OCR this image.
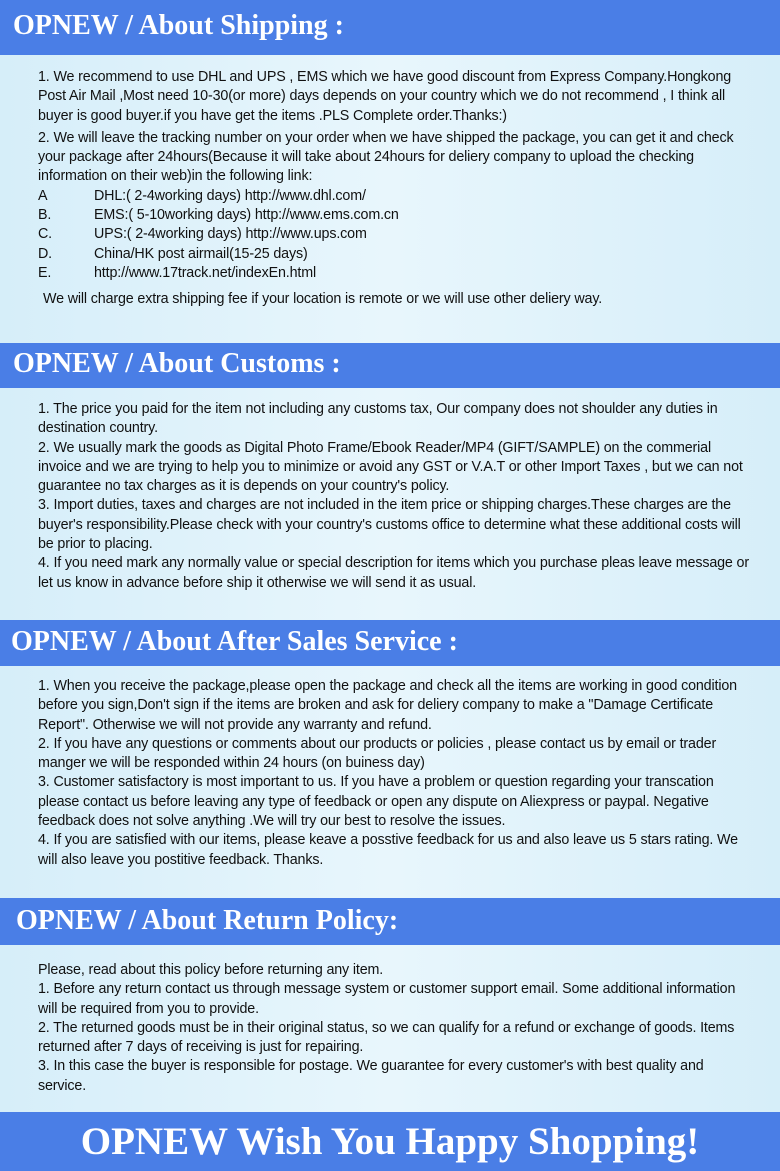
OPNEW / About Shipping :

1. We recommend to use DHL and UPS , EMS which we have good discount from Express Company.Hongkong Post Air Mail ,Most need 10-30(or more) days depends on your country which we do not recommend , I think all buyer is good buyer.if you have get the items .PLS Complete order.Thanks:)

2. We will leave the tracking number on your order when we have shipped the package, you can get it and check your package after 24hours(Because it will take about 24hours for deliery company to upload the checking information on their web)in the following link:

A	DHL:( 2-4working days) http://www.dhl.com/
B.	EMS:( 5-10working days) http://www.ems.com.cn
C.	UPS:( 2-4working days) http://www.ups.com
D.	China/HK post airmail(15-25 days)
E.	http://www.17track.net/indexEn.html

We will charge extra shipping fee if your location is remote or we will use other deliery way.

OPNEW / About Customs :

1. The price you paid for the item not including any customs tax, Our company does not shoulder any duties in destination country.

2. We usually mark the goods as Digital Photo Frame/Ebook Reader/MP4 (GIFT/SAMPLE) on the commerial invoice and we are trying to help you to minimize or avoid any GST or V.A.T or other Import Taxes , but we can not guarantee no tax charges as it is depends on your country's policy.

3. Import duties, taxes and charges are not included in the item price or shipping charges.These charges are the buyer's responsibility.Please check with your country's customs office to determine what these additional costs will be prior to placing.

4. If you need mark any normally value or special description for items which you purchase pleas leave message or let us know in advance before ship it otherwise we will send it as usual.

OPNEW / About After Sales Service :

1. When you receive the package,please open the package and check all the items are working in good condition before you sign,Don't sign if the items are broken and ask for deliery company to make a "Damage Certificate Report". Otherwise we will not provide any warranty and refund.

2. If you have any questions or comments about our products or policies , please contact us by email or trader manger we will be responded within 24 hours (on buiness day)

3. Customer satisfactory is most important to us. If you have a problem or question regarding your transcation please contact us before leaving any type of feedback or open any dispute on Aliexpress or paypal. Negative feedback does not solve anything .We will try our best to resolve the issues.

4. If you are satisfied with our items, please keave a posstive feedback for us and also leave us 5 stars rating. We will also leave you postitive feedback. Thanks.

OPNEW / About Return Policy:

Please, read about this policy before returning any item.

1. Before any return contact us through message system or customer support email. Some additional information will be required from you to provide.

2. The returned goods must be in their original status, so we can qualify for a refund or exchange of goods. Items returned after 7 days of receiving is just for repairing.

3. In this case the buyer is responsible for postage. We guarantee for every customer's with best quality and service.

OPNEW Wish You Happy Shopping!
